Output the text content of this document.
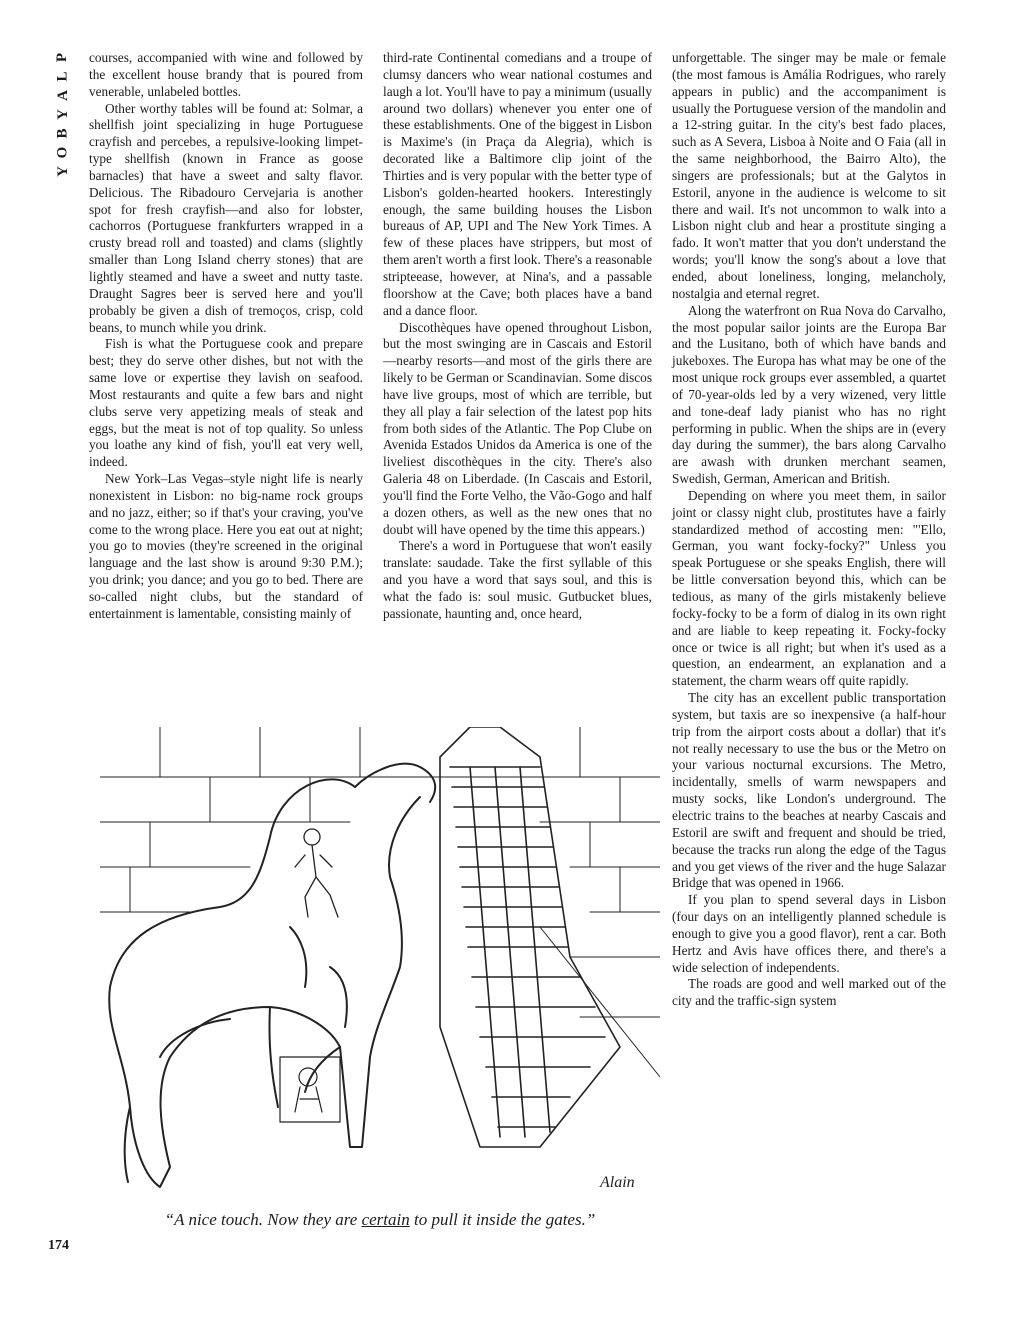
P
L
A
Y
B
O
Y

courses, accompanied with wine and followed by the excellent house brandy that is poured from venerable, unlabeled bottles.

Other worthy tables will be found at: Solmar, a shellfish joint specializing in huge Portuguese crayfish and percebes, a repulsive-looking limpet-type shellfish (known in France as goose barnacles) that have a sweet and salty flavor. Delicious. The Ribadouro Cervejaria is another spot for fresh crayfish—and also for lobster, cachorros (Portuguese frankfurters wrapped in a crusty bread roll and toasted) and clams (slightly smaller than Long Island cherry stones) that are lightly steamed and have a sweet and nutty taste. Draught Sagres beer is served here and you'll probably be given a dish of tremoços, crisp, cold beans, to munch while you drink.

Fish is what the Portuguese cook and prepare best; they do serve other dishes, but not with the same love or expertise they lavish on seafood. Most restaurants and quite a few bars and night clubs serve very appetizing meals of steak and eggs, but the meat is not of top quality. So unless you loathe any kind of fish, you'll eat very well, indeed.

New York–Las Vegas–style night life is nearly nonexistent in Lisbon: no big-name rock groups and no jazz, either; so if that's your craving, you've come to the wrong place. Here you eat out at night; you go to movies (they're screened in the original language and the last show is around 9:30 P.M.); you drink; you dance; and you go to bed. There are so-called night clubs, but the standard of entertainment is lamentable, consisting mainly of

third-rate Continental comedians and a troupe of clumsy dancers who wear national costumes and laugh a lot. You'll have to pay a minimum (usually around two dollars) whenever you enter one of these establishments. One of the biggest in Lisbon is Maxime's (in Praça da Alegria), which is decorated like a Baltimore clip joint of the Thirties and is very popular with the better type of Lisbon's golden-hearted hookers. Interestingly enough, the same building houses the Lisbon bureaus of AP, UPI and The New York Times. A few of these places have strippers, but most of them aren't worth a first look. There's a reasonable stripteease, however, at Nina's, and a passable floorshow at the Cave; both places have a band and a dance floor.

Discothèques have opened throughout Lisbon, but the most swinging are in Cascais and Estoril—nearby resorts—and most of the girls there are likely to be German or Scandinavian. Some discos have live groups, most of which are terrible, but they all play a fair selection of the latest pop hits from both sides of the Atlantic. The Pop Clube on Avenida Estados Unidos da America is one of the liveliest discothèques in the city. There's also Galeria 48 on Liberdade. (In Cascais and Estoril, you'll find the Forte Velho, the Vão-Gogo and half a dozen others, as well as the new ones that no doubt will have opened by the time this appears.)

There's a word in Portuguese that won't easily translate: saudade. Take the first syllable of this and you have a word that says soul, and this is what the fado is: soul music. Gutbucket blues, passionate, haunting and, once heard,

unforgettable. The singer may be male or female (the most famous is Amália Rodrigues, who rarely appears in public) and the accompaniment is usually the Portuguese version of the mandolin and a 12-string guitar. In the city's best fado places, such as A Severa, Lisboa à Noite and O Faia (all in the same neighborhood, the Bairro Alto), the singers are professionals; but at the Galytos in Estoril, anyone in the audience is welcome to sit there and wail. It's not uncommon to walk into a Lisbon night club and hear a prostitute singing a fado. It won't matter that you don't understand the words; you'll know the song's about a love that ended, about loneliness, longing, melancholy, nostalgia and eternal regret.

Along the waterfront on Rua Nova do Carvalho, the most popular sailor joints are the Europa Bar and the Lusitano, both of which have bands and jukeboxes. The Europa has what may be one of the most unique rock groups ever assembled, a quartet of 70-year-olds led by a very wizened, very little and tone-deaf lady pianist who has no right performing in public. When the ships are in (every day during the summer), the bars along Carvalho are awash with drunken merchant seamen, Swedish, German, American and British.

Depending on where you meet them, in sailor joint or classy night club, prostitutes have a fairly standardized method of accosting men: "'Ello, German, you want focky-focky?" Unless you speak Portuguese or she speaks English, there will be little conversation beyond this, which can be tedious, as many of the girls mistakenly believe focky-focky to be a form of dialog in its own right and are liable to keep repeating it. Focky-focky once or twice is all right; but when it's used as a question, an endearment, an explanation and a statement, the charm wears off quite rapidly.

The city has an excellent public transportation system, but taxis are so inexpensive (a half-hour trip from the airport costs about a dollar) that it's not really necessary to use the bus or the Metro on your various nocturnal excursions. The Metro, incidentally, smells of warm newspapers and musty socks, like London's underground. The electric trains to the beaches at nearby Cascais and Estoril are swift and frequent and should be tried, because the tracks run along the edge of the Tagus and you get views of the river and the huge Salazar Bridge that was opened in 1966.

If you plan to spend several days in Lisbon (four days on an intelligently planned schedule is enough to give you a good flavor), rent a car. Both Hertz and Avis have offices there, and there's a wide selection of independents.

The roads are good and well marked out of the city and the traffic-sign system

Alain
“A nice touch. Now they are certain to pull it inside the gates.”
174
